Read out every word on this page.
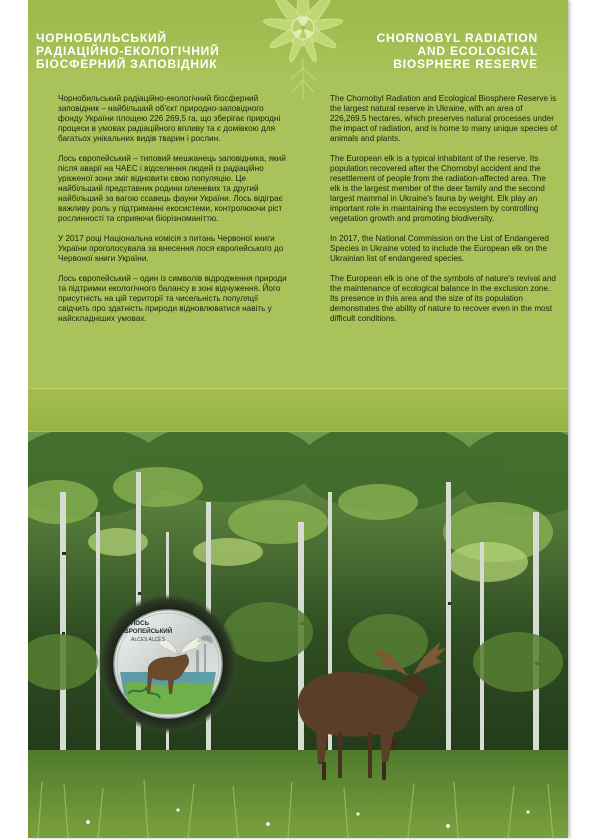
ЧОРНОБИЛЬСЬКИЙ
РАДІАЦІЙНО-ЕКОЛОГІЧНИЙ
БІОСФЕРНИЙ ЗАПОВІДНИК
CHORNOBYL RADIATION
AND ECOLOGICAL
BIOSPHERE RESERVE

Чорнобильський радіаційно-екологічний біосферний заповідник – найбільший об'єкт природно-заповідного фонду України площею 226 269,5 га, що зберігає природні процеси в умовах радіаційного впливу та є домівкою для багатьох унікальних видів тварин і рослин.

Лось європейський – типовий мешканець заповідника, який після аварії на ЧАЕС і відселення людей із радіаційно ураженої зони зміг відновити свою популяцію. Це найбільший представник родини оленевих та другий найбільший за вагою ссавець фауни України. Лось відіграє важливу роль у підтриманні екосистеми, контролюючи ріст рослинності та сприяючи біорізноманіттю.

У 2017 році Національна комісія з питань Червоної книги України проголосувала за внесення лося європейського до Червоної книги України.

Лось європейський – один із символів відродження природи та підтримки екологічного балансу в зоні відчуження. Його присутність на цій території та чисельність популяції свідчить про здатність природи відновлюватися навіть у найскладніших умовах.

The Chornobyl Radiation and Ecological Biosphere Reserve is the largest natural reserve in Ukraine, with an area of 226,269.5 hectares, which preserves natural processes under the impact of radiation, and is home to many unique species of animals and plants.

The European elk is a typical inhabitant of the reserve. Its population recovered after the Chornobyl accident and the resettlement of people from the radiation-affected area. The elk is the largest member of the deer family and the second largest mammal in Ukraine's fauna by weight. Elk play an important role in maintaining the ecosystem by controlling vegetation growth and promoting biodiversity.

In 2017, the National Commission on the List of Endangered Species in Ukraine voted to include the European elk on the Ukrainian list of endangered species.

The European elk is one of the symbols of nature's revival and the maintenance of ecological balance in the exclusion zone. Its presence in this area and the size of its population demonstrates the ability of nature to recover even in the most difficult conditions.

ЛОСЬ
ЄВРОПЕЙСЬКИЙ
ALCES ALCES
